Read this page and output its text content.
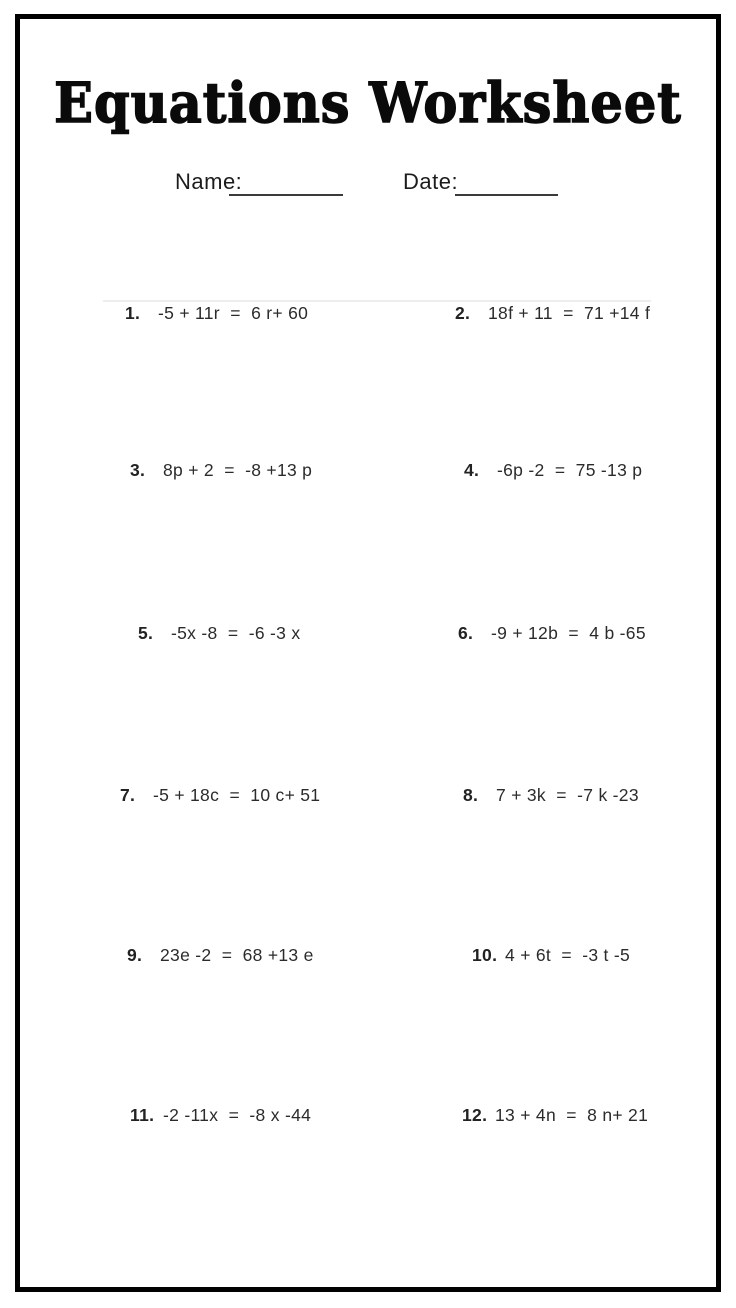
Equations Worksheet
Name:	Date:
1.	-5 + 11r  =  6 r+ 60	2.	18f + 11  =  71 +14 f
3.	8p + 2  =  -8 +13 p	4.	-6p -2  =  75 -13 p
5.	-5x -8  =  -6 -3 x	6.	-9 + 12b  =  4 b -65
7.	-5 + 18c  =  10 c+ 51	8.	7 + 3k  =  -7 k -23
9.	23e -2  =  68 +13 e	10. 4 + 6t  =  -3 t -5
11. -2 -11x  =  -8 x -44	12. 13 + 4n  =  8 n+ 21
